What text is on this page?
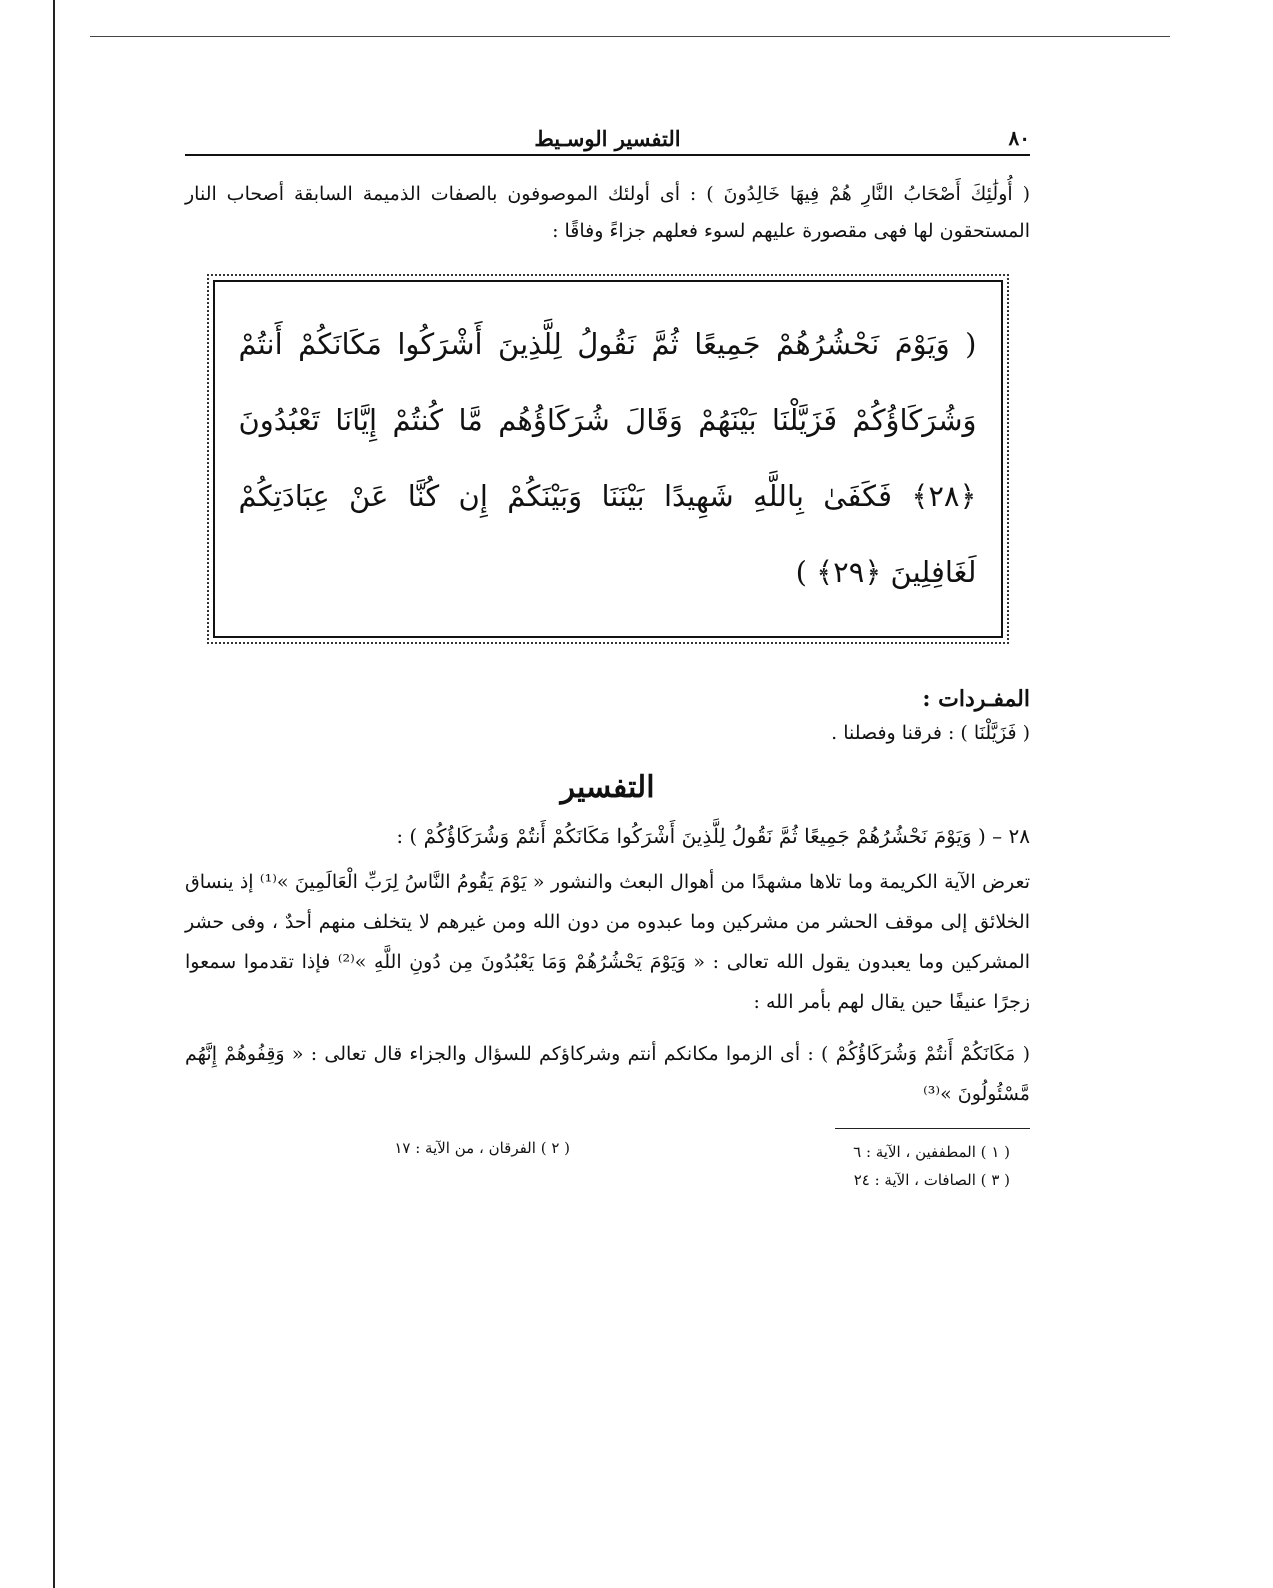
٨٠
التفسير الوسـيط

( أُولَٰئِكَ أَصْحَابُ النَّارِ هُمْ فِيهَا خَالِدُونَ ) : أى أولئك الموصوفون بالصفات الذميمة السابقة أصحاب النار المستحقون لها فهى مقصورة عليهم لسوء فعلهم جزاءً وفاقًا :

( وَيَوْمَ نَحْشُرُهُمْ جَمِيعًا ثُمَّ نَقُولُ لِلَّذِينَ أَشْرَكُوا مَكَانَكُمْ أَنتُمْ وَشُرَكَاؤُكُمْ فَزَيَّلْنَا بَيْنَهُمْ وَقَالَ شُرَكَاؤُهُم مَّا كُنتُمْ إِيَّانَا تَعْبُدُونَ ﴿٢٨﴾ فَكَفَىٰ بِاللَّهِ شَهِيدًا بَيْنَنَا وَبَيْنَكُمْ إِن كُنَّا عَنْ عِبَادَتِكُمْ لَغَافِلِينَ ﴿٢٩﴾ )

المفـردات :
( فَزَيَّلْنَا ) : فرقنا وفصلنا .
التفسير
٢٨ – ( وَيَوْمَ نَحْشُرُهُمْ جَمِيعًا ثُمَّ نَقُولُ لِلَّذِينَ أَشْرَكُوا مَكَانَكُمْ أَنتُمْ وَشُرَكَاؤُكُمْ ) :

تعرض الآية الكريمة وما تلاها مشهدًا من أهوال البعث والنشور « يَوْمَ يَقُومُ النَّاسُ لِرَبِّ الْعَالَمِينَ »⁽¹⁾ إذ ينساق الخلائق إلى موقف الحشر من مشركين وما عبدوه من دون الله ومن غيرهم لا يتخلف منهم أحدٌ ، وفى حشر المشركين وما يعبدون يقول الله تعالى : « وَيَوْمَ يَحْشُرُهُمْ وَمَا يَعْبُدُونَ مِن دُونِ اللَّهِ »⁽²⁾ فإذا تقدموا سمعوا زجرًا عنيفًا حين يقال لهم بأمر الله :

( مَكَانَكُمْ أَنتُمْ وَشُرَكَاؤُكُمْ ) : أى الزموا مكانكم أنتم وشركاؤكم للسؤال والجزاء قال تعالى : « وَقِفُوهُمْ إِنَّهُم مَّسْئُولُونَ »⁽³⁾

( ١ ) المطففين ، الآية : ٦
( ٢ ) الفرقان ، من الآية : ١٧
( ٣ ) الصافات ، الآية : ٢٤
